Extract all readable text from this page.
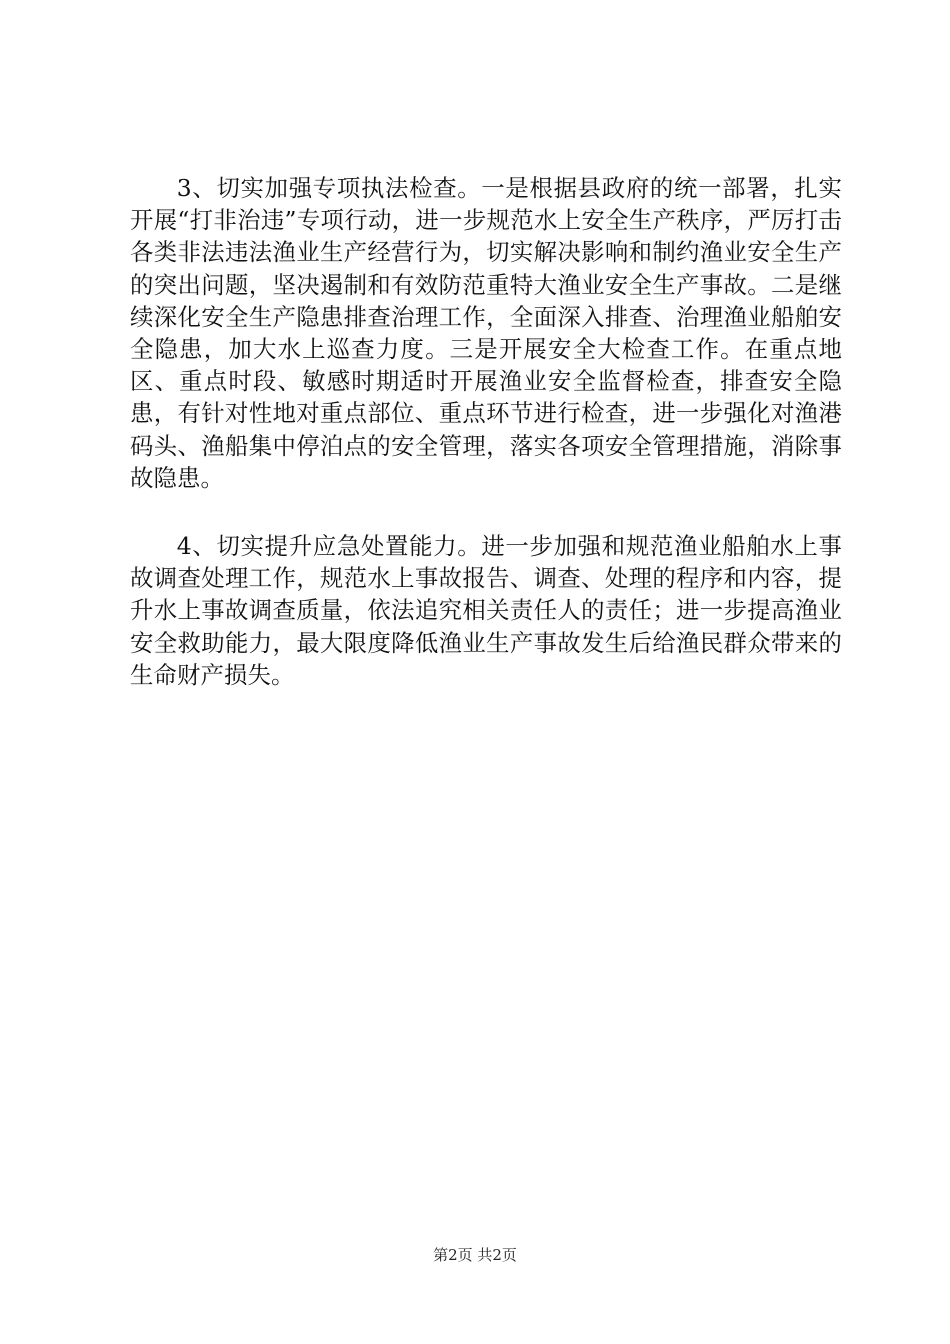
3、切实加强专项执法检查。一是根据县政府的统一部署，扎实开展“打非治违”专项行动，进一步规范水上安全生产秩序，严厉打击各类非法违法渔业生产经营行为，切实解决影响和制约渔业安全生产的突出问题，坚决遏制和有效防范重特大渔业安全生产事故。二是继续深化安全生产隐患排查治理工作，全面深入排查、治理渔业船舶安全隐患，加大水上巡查力度。三是开展安全大检查工作。在重点地区、重点时段、敏感时期适时开展渔业安全监督检查，排查安全隐患，有针对性地对重点部位、重点环节进行检查，进一步强化对渔港码头、渔船集中停泊点的安全管理，落实各项安全管理措施，消除事故隐患。

4、切实提升应急处置能力。进一步加强和规范渔业船舶水上事故调查处理工作，规范水上事故报告、调查、处理的程序和内容，提升水上事故调查质量，依法追究相关责任人的责任；进一步提高渔业安全救助能力，最大限度降低渔业生产事故发生后给渔民群众带来的生命财产损失。

第2页 共2页
